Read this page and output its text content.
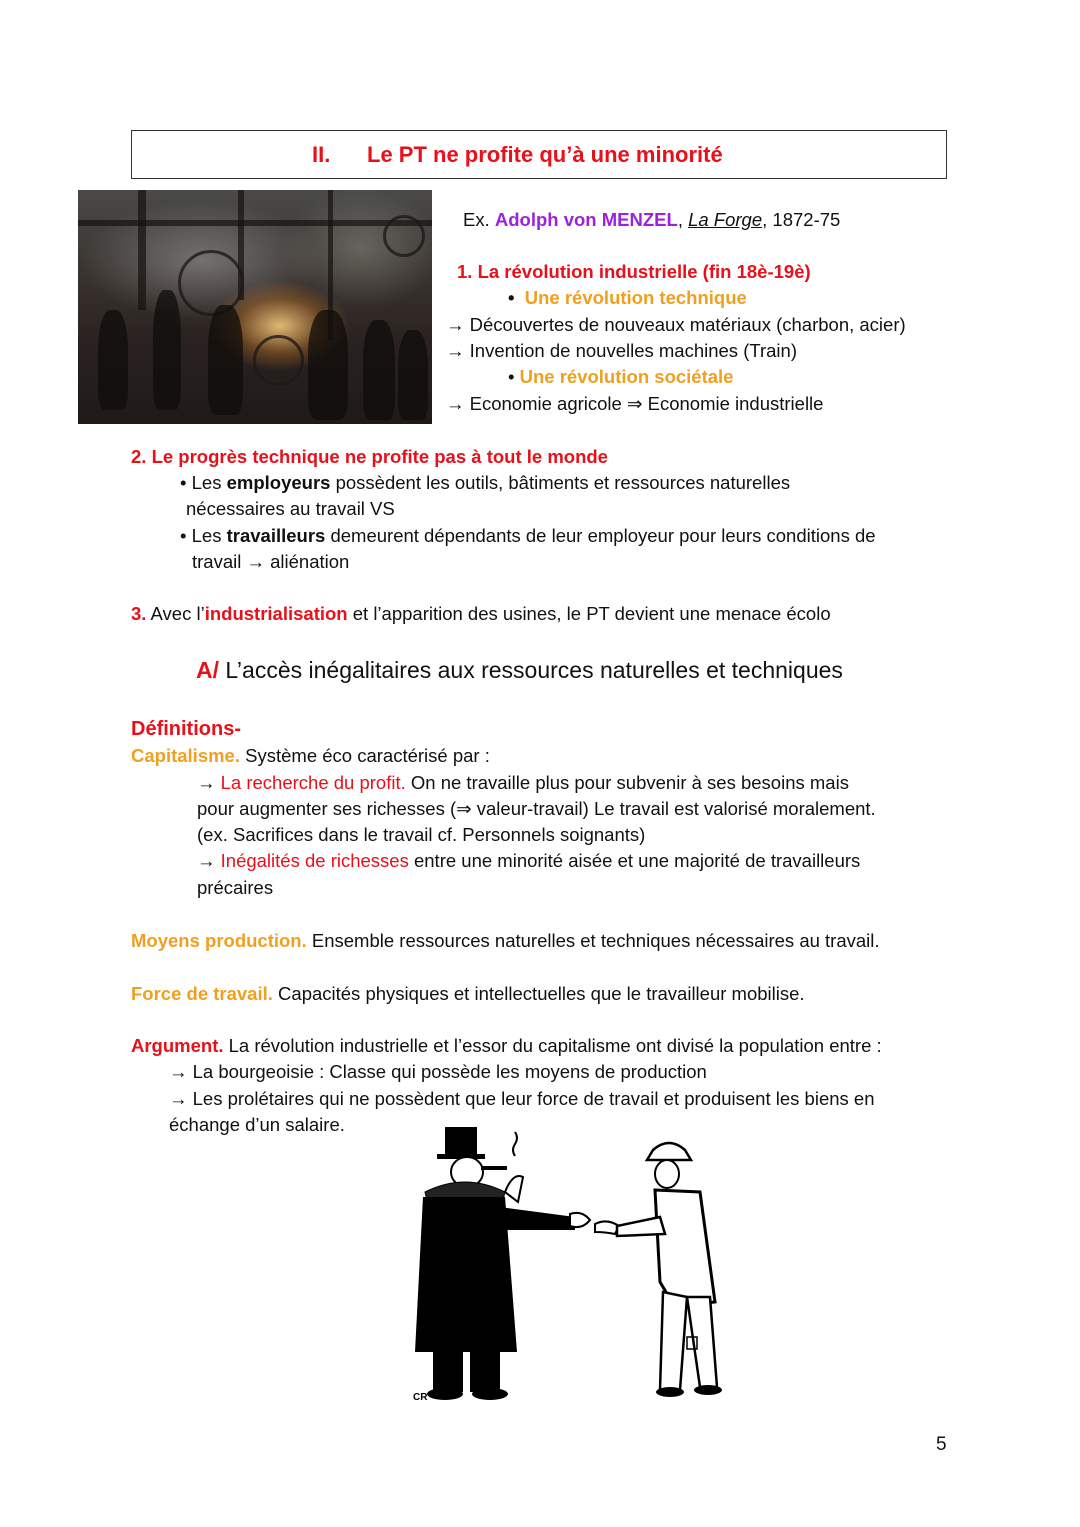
II. Le PT ne profite qu’à une minorité
Ex. Adolph von MENZEL, La Forge, 1872-75
1. La révolution industrielle (fin 18è-19è)
•  Une révolution technique
→ Découvertes de nouveaux matériaux (charbon, acier)
→ Invention de nouvelles machines (Train)
• Une révolution sociétale
→ Economie agricole ⇒ Economie industrielle
2. Le progrès technique ne profite pas à tout le monde
• Les employeurs possèdent les outils, bâtiments et ressources naturelles
nécessaires au travail VS
• Les travailleurs demeurent dépendants de leur employeur pour leurs conditions de
travail → aliénation
3. Avec l’industrialisation et l’apparition des usines, le PT devient une menace écolo
A/ L’accès inégalitaires aux ressources naturelles et techniques
Définitions-
Capitalisme. Système éco caractérisé par :
→ La recherche du profit. On ne travaille plus pour subvenir à ses besoins mais
pour augmenter ses richesses (⇒ valeur-travail) Le travail est valorisé moralement.
(ex. Sacrifices dans le travail cf. Personnels soignants)
→ Inégalités de richesses entre une minorité aisée et une majorité de travailleurs
précaires
Moyens production. Ensemble ressources naturelles et techniques nécessaires au travail.
Force de travail. Capacités physiques et intellectuelles que le travailleur mobilise.
Argument. La révolution industrielle et l’essor du capitalisme ont divisé la population entre :
→ La bourgeoisie : Classe qui possède les moyens de production
→ Les prolétaires qui ne possèdent que leur force de travail et produisent les biens en
échange d’un salaire.
CR
5
